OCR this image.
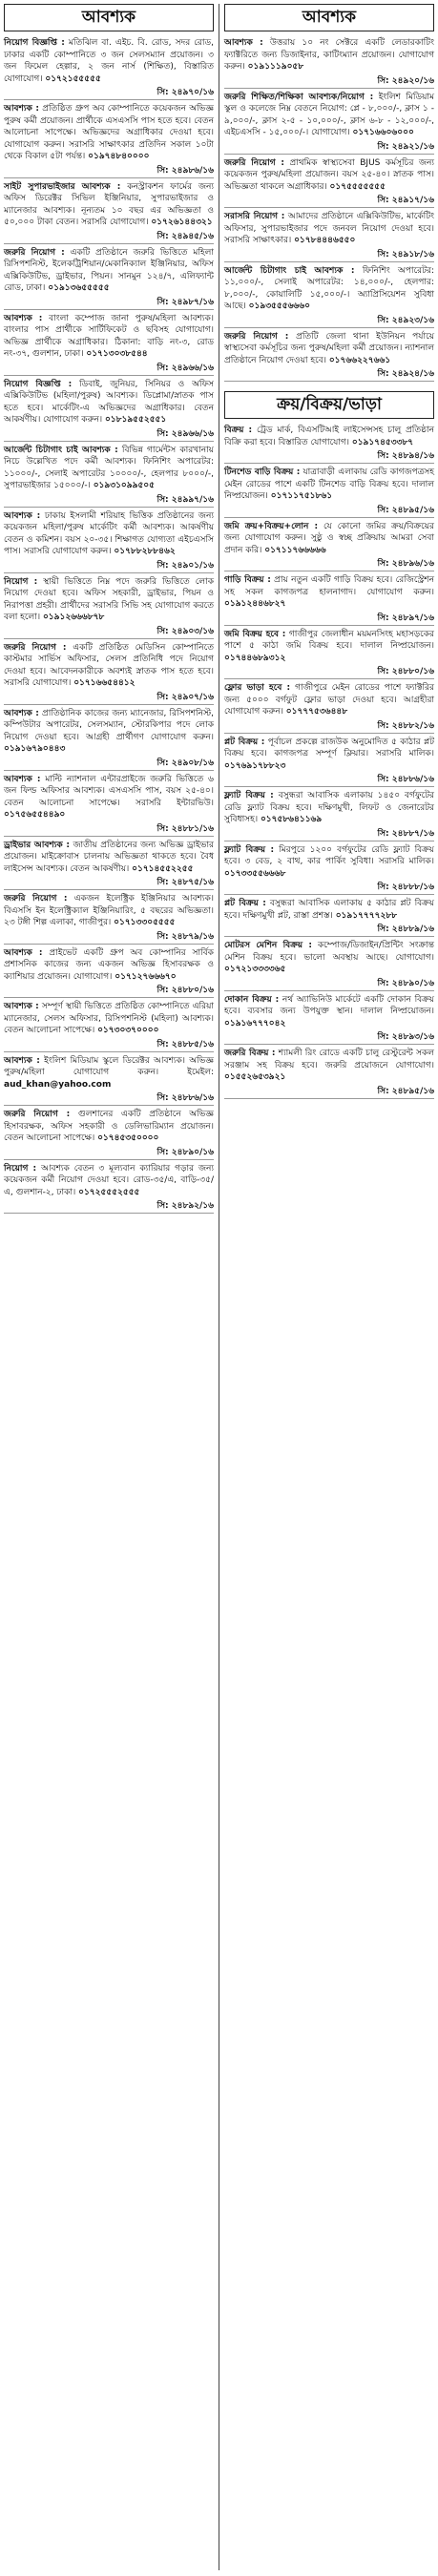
আবশ্যক

নিয়োগ বিজ্ঞপ্তি : মতিঝিল বা. এইচ. বি. রোড, সদর রোড, ঢাকার একটি কোম্পানিতে ৩ জন সেলসম্যান প্রয়োজন। ৩ জন ফিমেল হেল্পার, ২ জন নার্স (শিক্ষিত), বিস্তারিত যোগাযোগ। ০১৭২১৫৫৫৫৫

সি: ২৪৯৭০/১৬

আবশ্যক : প্রতিষ্ঠিত গ্রুপ অব কোম্পানিতে কয়েকজন অভিজ্ঞ পুরুষ কর্মী প্রয়োজন। প্রার্থীকে এসএসসি পাস হতে হবে। বেতন আলোচনা সাপেক্ষে। অভিজ্ঞদের অগ্রাধিকার দেওয়া হবে। যোগাযোগ করুন। সরাসরি সাক্ষাৎকার প্রতিদিন সকাল ১০টা থেকে বিকাল ৫টা পর্যন্ত। ০১৯৭৪৮৪০০০০

সি: ২৪৯৮৬/১৬

সাইট সুপারভাইজার আবশ্যক : কনস্ট্রাকশন ফার্মের জন্য অফিস ডিরেক্টর সিভিল ইঞ্জিনিয়ার, সুপারভাইজার ও ম্যানেজার আবশ্যক। নূন্যতম ১০ বছর এর অভিজ্ঞতা ও ৫০,০০০ টাকা বেতন। সরাসরি যোগাযোগ। ০১৭২৬১৪৪৩২১

সি: ২৪৯৪৫/১৬

জরুরি নিয়োগ : একটি প্রতিষ্ঠানে জরুরি ভিত্তিতে মহিলা রিসিপশনিস্ট, ইলেকট্রিশিয়ান/মেকানিক্যাল ইঞ্জিনিয়ার, অফিস এক্সিকিউটিভ, ড্রাইভার, পিয়ন। সানমুন ১২৪/৭, এলিফ্যান্ট রোড, ঢাকা। ০১৯১৩৬৫৫৫৫৫

সি: ২৪৯৮৭/১৬

আবশ্যক : বাংলা কম্পোজ জানা পুরুষ/মহিলা আবশ্যক। বাংলার পাস প্রার্থীকে সার্টিফিকেট ও ছবিসহ যোগাযোগ। অভিজ্ঞ প্রার্থীকে অগ্রাধিকার। ঠিকানা: বাড়ি নং-৩, রোড নং-৩৭, গুলশান, ঢাকা। ০১৭১৩০৩৮৫৪৪

সি: ২৪৯৬৬/১৬

নিয়োগ বিজ্ঞপ্তি : ডিবাই, জুনিয়র, সিনিয়র ও অফিস এক্সিকিউটিভ (মহিলা/পুরুষ) আবশ্যক। ডিপ্লোমা/স্নাতক পাস হতে হবে। মার্কেটিং-এ অভিজ্ঞদের অগ্রাধিকার। বেতন আকর্ষণীয়। যোগাযোগ করুন। ০১৮১৯৫৫২৫৫১

সি: ২৪৯৬৬/১৬

আর্জেন্ট চিটাগাং চাই আবশ্যক : বিভিন্ন গার্মেন্টস কারখানায় নিচে উল্লেখিত পদে কর্মী আবশ্যক। ফিনিশিং অপারেটর: ১১০০০/-, সেলাই অপারেটর ১০০০০/-, হেলপার ৮০০০/-, সুপারভাইজার ১৫০০০/-। ০১৯৩১০৯৯৫০৫

সি: ২৪৯৯৭/১৬

আবশ্যক : ঢাকায় ইসলামী শরিয়াহ ভিত্তিক প্রতিষ্ঠানের জন্য কয়েকজন মহিলা/পুরুষ মার্কেটিং কর্মী আবশ্যক। আকর্ষণীয় বেতন ও কমিশন। বয়স ২০-৩৫। শিক্ষাগত যোগ্যতা এইচএসসি পাস। সরাসরি যোগাযোগ করুন। ০১৭৮৮২৮৮৪৬২

সি: ২৪৯০১/১৬

নিয়োগ : স্থায়ী ভিত্তিতে নিম্ন পদে জরুরি ভিত্তিতে লোক নিয়োগ দেওয়া হবে। অফিস সহকারী, ড্রাইভার, পিয়ন ও নিরাপত্তা প্রহরী। প্রার্থীদের সরাসরি সিভি সহ যোগাযোগ করতে বলা হলো। ০১৯১২৬৬৬৮৭৮

সি: ২৪৯০৩/১৬

জরুরি নিয়োগ : একটি প্রতিষ্ঠিত মেডিসিন কোম্পানিতে কাস্টমার সার্ভিস অফিসার, সেলস প্রতিনিধি পদে নিয়োগ দেওয়া হবে। আবেদনকারীকে অবশ্যই স্নাতক পাস হতে হবে। সরাসরি যোগাযোগ। ০১৭১৬৬৫৪৪১২

সি: ২৪৯০৭/১৬

আবশ্যক : প্রাতিষ্ঠানিক কাজের জন্য ম্যানেজার, রিসিপশনিস্ট, কম্পিউটার অপারেটর, সেলসম্যান, স্টোরকিপার পদে লোক নিয়োগ দেওয়া হবে। আগ্রহী প্রার্থীগণ যোগাযোগ করুন। ০১৯১৬৭৯০৪৪৩

সি: ২৪৯০৮/১৬

আবশ্যক : মাল্টি ন্যাশনাল এন্টারপ্রাইজে জরুরি ভিত্তিতে ৬ জন ফিল্ড অফিসার আবশ্যক। এসএসসি পাস, বয়স ২৫-৪০। বেতন আলোচনা সাপেক্ষে। সরাসরি ইন্টারভিউ। ০১৭৫৬৫৫৪৪৯০

সি: ২৪৮৮১/১৬

ড্রাইভার আবশ্যক : জাতীয় প্রতিষ্ঠানের জন্য অভিজ্ঞ ড্রাইভার প্রয়োজন। মাইক্রোবাস চালনায় অভিজ্ঞতা থাকতে হবে। বৈধ লাইসেন্স আবশ্যক। বেতন আকর্ষণীয়। ০১৭১৪৫৫২২৫৫

সি: ২৪৮৭৫/১৬

জরুরি নিয়োগ : একজন ইলেক্ট্রিক ইঞ্জিনিয়ার আবশ্যক। বিএসসি ইন ইলেক্ট্রিক্যাল ইঞ্জিনিয়ারিং, ৫ বছরের অভিজ্ঞতা। ২৩ টঙ্গী শিল্প এলাকা, গাজীপুর। ০১৭১৩৩০৫৫৫৫

সি: ২৪৮৭৯/১৬

আবশ্যক : প্রাইভেট একটি গ্রুপ অব কোম্পানির সার্বিক প্রশাসনিক কাজের জন্য একজন অভিজ্ঞ হিসাবরক্ষক ও ক্যাশিয়ার প্রয়োজন। যোগাযোগ। ০১৭১২৭৬৬৬৭০

সি: ২৪৮৮০/১৬

আবশ্যক : সম্পূর্ণ স্থায়ী ভিত্তিতে প্রতিষ্ঠিত কোম্পানিতে এরিয়া ম্যানেজার, সেলস অফিসার, রিসিপশনিস্ট (মহিলা) আবশ্যক। বেতন আলোচনা সাপেক্ষে। ০১৭৩০৩৭০০০০

সি: ২৪৮৮৫/১৬

আবশ্যক : ইংলিশ মিডিয়াম স্কুলে ডিরেক্টর আবশ্যক। অভিজ্ঞ পুরুষ/মহিলা যোগাযোগ করুন। ইমেইল: aud_khan@yahoo.com

সি: ২৪৮৮৬/১৬

জরুরি নিয়োগ : গুলশানের একটি প্রতিষ্ঠানে অভিজ্ঞ হিসাবরক্ষক, অফিস সহকারী ও ডেলিভারিম্যান প্রয়োজন। বেতন আলোচনা সাপেক্ষে। ০১৭৪৫৩৫০০০০

সি: ২৪৮৯০/১৬

নিয়োগ : আবশ্যক বেতন ৩ মূল্যবান ক্যারিয়ার গড়ার জন্য কয়েকজন কর্মী নিয়োগ দেওয়া হবে। রোড-৩৫/এ, বাড়ি-৩৫/এ, গুলশান-২, ঢাকা। ০১৭২৫৫৫২৫৫৫

সি: ২৪৮৯২/১৬
আবশ্যক

আবশ্যক : উত্তরায় ১০ নং সেক্টরে একটি লেডারকাটিং ফ্যাক্টরিতে জন্য ডিজাইনার, কাটিংম্যান প্রয়োজন। যোগাযোগ করুন। ০১৯১১১৯০৫৮

সি: ২৪৯২০/১৬

জরুরি শিক্ষিত/শিক্ষিকা আবশ্যক/নিয়োগ : ইংলিশ মিডিয়াম স্কুল ও কলেজে নিম্ন বেতনে নিয়োগ: প্লে - ৮,০০০/-, ক্লাস ১ - ৯,০০০/-, ক্লাস ২-৫ - ১০,০০০/-, ক্লাস ৬-৮ - ১২,০০০/-, এইচএসসি - ১৫,০০০/-। যোগাযোগ। ০১৭১৬৬০৬০০০

সি: ২৪৯২১/১৬

জরুরি নিয়োগ : প্রাথমিক স্বাস্থ্যসেবা BJUS কর্মসূচির জন্য কয়েকজন পুরুষ/মহিলা প্রয়োজন। বয়স ২৫-৪০। স্নাতক পাস। অভিজ্ঞতা থাকলে অগ্রাধিকার। ০১৭৫৫৫৫৫৫৫

সি: ২৪৯১৭/১৬

সরাসরি নিয়োগ : আমাদের প্রতিষ্ঠানে এক্সিকিউটিভ, মার্কেটিং অফিসার, সুপারভাইজার পদে জনবল নিয়োগ দেওয়া হবে। সরাসরি সাক্ষাৎকার। ০১৭৮৪৪৪৬৫৫০

সি: ২৪৯১৮/১৬

আর্জেন্ট চিটাগাং চাই আবশ্যক : ফিনিশিং অপারেটর: ১১,০০০/-, সেলাই অপারেটর: ১৪,০০০/-, হেলপার: ৮,০০০/-, কোয়ালিটি ১৫,০০০/-। অ্যাপ্রিসিয়েশন সুবিধা আছে। ০১৯৩৫৫৫৬৬৬০

সি: ২৪৯২৩/১৬

জরুরি নিয়োগ : প্রতিটি জেলা থানা ইউনিয়ন পর্যায়ে স্বাস্থ্যসেবা কর্মসূচির জন্য পুরুষ/মহিলা কর্মী প্রয়োজন। ন্যাশনাল প্রতিষ্ঠানে নিয়োগ দেওয়া হবে। ০১৭৬৬২২৭৬৬১

সি: ২৪৯২৪/১৬
ক্রয়/বিক্রয়/ভাড়া

বিক্রয় : ট্রেড মার্ক, বিএসটিআই লাইসেন্সসহ চালু প্রতিষ্ঠান বিক্রি করা হবে। বিস্তারিত যোগাযোগ। ০১৯১৭৪৫৩৩৮৭

সি: ২৪৮৯৪/১৬

টিনশেড বাড়ি বিক্রয় : যাত্রাবাড়ী এলাকায় রেডি কাগজপত্রসহ মেইন রোডের পাশে একটি টিনশেড বাড়ি বিক্রয় হবে। দালাল নিষ্প্রয়োজন। ০১৭১১৭৫১৮৬১

সি: ২৪৮৯৫/১৬

জমি ক্রয়+বিক্রয়+লোন : যে কোনো জমির ক্রয়/বিক্রয়ের জন্য যোগাযোগ করুন। সুষ্ঠু ও স্বচ্ছ প্রক্রিয়ায় আমরা সেবা প্রদান করি। ০১৭১১৭৬৬৬৬৬

সি: ২৪৮৯৬/১৬

গাড়ি বিক্রয় : প্রায় নতুন একটি গাড়ি বিক্রয় হবে। রেজিস্ট্রেশন সহ সকল কাগজপত্র হালনাগাদ। যোগাযোগ করুন। ০১৯১২৪৪৬৮২৭

সি: ২৪৮৯৭/১৬

জমি বিক্রয় হবে : গাজীপুর জেলাধীন ময়মনসিংহ মহাসড়কের পাশে ৫ কাঠা জমি বিক্রয় হবে। দালাল নিষ্প্রয়োজন। ০১৭৪৪৬৮৯৩১২

সি: ২৪৮৮০/১৬

ফ্লোর ভাড়া হবে : গাজীপুরে মেইন রোডের পাশে ফ্যাক্টরির জন্য ৫০০০ বর্গফুট ফ্লোর ভাড়া দেওয়া হবে। আগ্রহীরা যোগাযোগ করুন। ০১৭৭৭৫৩৬৪৪৮

সি: ২৪৮৮২/১৬

প্লট বিক্রয় : পূর্বাচল প্রকল্পে রাজউক অনুমোদিত ৫ কাঠার প্লট বিক্রয় হবে। কাগজপত্র সম্পূর্ণ ক্লিয়ার। সরাসরি মালিক। ০১৭৬৯১৭৮৮২৩

সি: ২৪৮৮৬/১৬

ফ্ল্যাট বিক্রয় : বসুন্ধরা আবাসিক এলাকায় ১৪৫০ বর্গফুটের রেডি ফ্ল্যাট বিক্রয় হবে। দক্ষিণমুখী, লিফট ও জেনারেটর সুবিধাসহ। ০১৭৫৮৬৪১১৬৯

সি: ২৪৮৮৭/১৬

ফ্ল্যাট বিক্রয় : মিরপুরে ১২০০ বর্গফুটের রেডি ফ্ল্যাট বিক্রয় হবে। ৩ বেড, ২ বাথ, কার পার্কিং সুবিধা। সরাসরি মালিক। ০১৭৩৩৫৫৬৬৬৮

সি: ২৪৮৮৮/১৬

প্লট বিক্রয় : বসুন্ধরা আবাসিক এলাকায় ৫ কাঠার প্লট বিক্রয় হবে। দক্ষিণমুখী প্লট, রাস্তা প্রশস্ত। ০১৯১৭৭৭৭২৮৮

সি: ২৪৮৮৯/১৬

মোটরস মেশিন বিক্রয় : কম্পোজ/ডিজাইন/প্রিন্টিং সংক্রান্ত মেশিন বিক্রয় হবে। ভালো অবস্থায় আছে। যোগাযোগ। ০১৭২১৩৩৩৩৬৫

সি: ২৪৮৯০/১৬

দোকান বিক্রয় : নর্থ অ্যাভিনিউ মার্কেটে একটি দোকান বিক্রয় হবে। ব্যবসার জন্য উপযুক্ত স্থান। দালাল নিষ্প্রয়োজন। ০১৯১৬৭৭৭০৪২

সি: ২৪৮৯৩/১৬

জরুরি বিক্রয় : শ্যামলী রিং রোডে একটি চালু রেস্টুরেন্ট সকল সরঞ্জাম সহ বিক্রয় হবে। জরুরি প্রয়োজনে যোগাযোগ। ০১৫৫২৬৫৩৯২১

সি: ২৪৮৯৫/১৬
